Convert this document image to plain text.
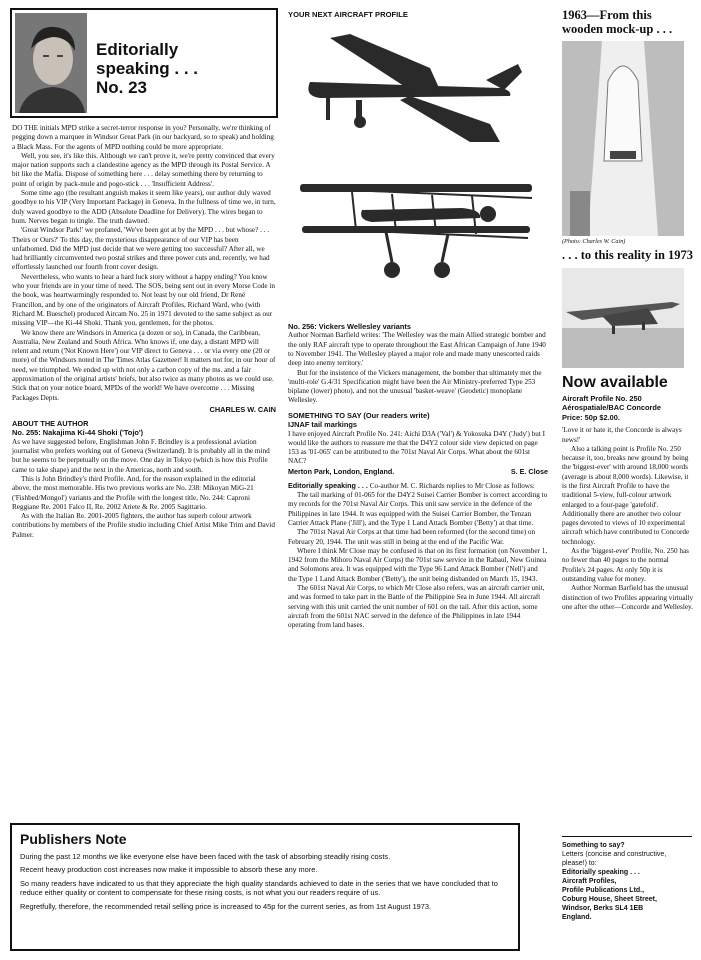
Editorially
speaking . . .
No. 23

DO THE initials MPD strike a secret-terror response in you? Personally, we're thinking of pegging down a marquee in Windsor Great Park (in our backyard, so to speak) and holding a Black Mass. For the agents of MPD nothing could be more appropriate.

Well, you see, it's like this. Although we can't prove it, we're pretty convinced that every major nation supports such a clandestine agency as the MPD through its Postal Service. A bit like the Mafia. Dispose of something here . . . delay something there by returning to point of origin by pack-mule and pogo-stick . . . 'Insufficient Address'.

Some time ago (the resultant anguish makes it seem like years), our author duly waved goodbye to his VIP (Very Important Package) in Geneva. In the fullness of time we, in turn, duly waved goodbye to the ADD (Absolute Deadline for Delivery). The wires began to hum. Nerves began to tingle. The truth dawned.

'Great Windsor Park!' we profaned, 'We've been got at by the MPD . . . but whose? . . . Theirs or Ours?' To this day, the mysterious disappearance of our VIP has been unfathomed. Did the MPD just decide that we were getting too successful? After all, we had brilliantly circumvented two postal strikes and three power cuts and, recently, we had effortlessly launched our fourth front cover design.

Nevertheless, who wants to hear a hard luck story without a happy ending? You know who your friends are in your time of need. The SOS, being sent out in every Morse Code in the book, was heartwarmingly responded to. Not least by our old friend, Dr René Francillon, and by one of the originators of Aircraft Profiles, Richard Ward, who (with Richard M. Bueschel) produced Aircam No. 25 in 1971 devoted to the same subject as our missing VIP—the Ki-44 Shoki. Thank you, gentlemen, for the photos.

We know there are Windsors in America (a dozen or so), in Canada, the Caribbean, Australia, New Zealand and South Africa. Who knows if, one day, a distant MPD will relent and return ('Not Known Here') our VIP direct to Geneva . . . or via every one (20 or more) of the Windsors noted in The Times Atlas Gazetteer! It matters not for, in our hour of need, we triumphed. We ended up with not only a carbon copy of the ms. and a fair approximation of the original artists' briefs, but also twice as many photos as we could use. Stick that on your notice board, MPDs of the world! We have overcome . . . Missing Packages Depts.

CHARLES W. CAIN
ABOUT THE AUTHOR
No. 255: Nakajima Ki-44 Shoki ('Tojo')

As we have suggested before, Englishman John F. Brindley is a professional aviation journalist who prefers working out of Geneva (Switzerland). It is probably all in the mind but he seems to be perpetually on the move. One day in Tokyo (which is how this Profile came to take shape) and the next in the Americas, north and south.

This is John Brindley's third Profile. And, for the reason explained in the editorial above, the most memorable. His two previous works are No. 238: Mikoyan MiG-21 ('Fishbed/Mongol') variants and the Profile with the longest title, No. 244: Caproni Reggiane Re. 2001 Falco II, Re. 2002 Ariete & Re. 2005 Sagittario.

As with the Italian Re. 2001-2005 fighters, the author has superb colour artwork contributions by members of the Profile studio including Chief Artist Mike Trim and David Palmer.

YOUR NEXT AIRCRAFT PROFILE
No. 256: Vickers Wellesley variants

Author Norman Barfield writes: 'The Wellesley was the main Allied strategic bomber and the only RAF aircraft type to operate throughout the East African Campaign of June 1940 to November 1941. The Wellesley played a major role and made many unescorted raids deep into enemy territory.'

But for the insistence of the Vickers management, the bomber that ultimately met the 'multi-role' G.4/31 Specification might have been the Air Ministry-preferred Type 253 biplane (lower) photo), and not the unusual 'basket-weave' (Geodetic) monoplane Wellesley.

SOMETHING TO SAY (Our readers write)
IJNAF tail markings

I have enjoyed Aircraft Profile No. 241: Aichi D3A ('Val') & Yokosuka D4Y ('Judy') but I would like the authors to reassure me that the D4Y2 colour side view depicted on page 153 as '01-065' can be attributed to the 701st Naval Air Corps. What about the 601st NAC?

Merton Park, London, England.	S. E. Close

Editorially speaking . . . Co-author M. C. Richards replies to Mr Close as follows:

The tail marking of 01-065 for the D4Y2 Suisei Carrier Bomber is correct according to my records for the 701st Naval Air Corps. This unit saw service in the defence of the Philippines in late 1944. It was equipped with the Suisei Carrier Bomber, the Tenzan Carrier Attack Plane ('Jill'), and the Type 1 Land Attack Bomber ('Betty') at that time.

The 701st Naval Air Corps at that time had been reformed (for the second time) on February 20, 1944. The unit was still in being at the end of the Pacific War.

Where I think Mr Close may be confused is that on its first formation (on November 1, 1942 from the Mihoro Naval Air Corps) the 701st saw service in the Rabaul, New Guinea and Solomons area. It was equipped with the Type 96 Land Attack Bomber ('Nell') and the Type 1 Land Attack Bomber ('Betty'), the unit being disbanded on March 15, 1943.

The 601st Naval Air Corps, to which Mr Close also refers, was an aircraft carrier unit, and was formed to take part in the Battle of the Philippine Sea in June 1944. All aircraft serving with this unit carried the unit number of 601 on the tail. After this action, some aircraft from the 601st NAC served in the defence of the Philippines in late 1944 operating from land bases.

1963—From this wooden mock-up . . .
(Photo: Charles W. Cain)
. . . to this reality in 1973
Now available
Aircraft Profile No. 250
Aérospatiale/BAC Concorde
Price: 50p $2.00.

'Love it or hate it, the Concorde is always news!'

Also a talking point is Profile No. 250 because it, too, breaks new ground by being the 'biggest-ever' with around 18,000 words (average is about 8,000 words). Likewise, it is the first Aircraft Profile to have the traditional 5-view, full-colour artwork enlarged to a four-page 'gatefold'. Additionally there are another two colour pages devoted to views of 10 experimental aircraft which have contributed to Concorde technology.

As the 'biggest-ever' Profile, No. 250 has no fewer than 40 pages to the normal Profile's 24 pages. At only 50p it is outstanding value for money.

Author Norman Barfield has the unusual distinction of two Profiles appearing virtually one after the other—Concorde and Wellesley.

Publishers Note
During the past 12 months we like everyone else have been faced with the task of absorbing steadily rising costs.
Recent heavy production cost increases now make it impossible to absorb these any more.
So many readers have indicated to us that they appreciate the high quality standards achieved to date in the series that we have concluded that to reduce either quality or content to compensate for these rising costs, is not what you our readers require of us.
Regretfully, therefore, the recommended retail selling price is increased to 45p for the current series, as from 1st August 1973.
Something to say?
Letters (concise and constructive, please!) to:
Editorially speaking . . .
Aircraft Profiles,
Profile Publications Ltd.,
Coburg House, Sheet Street,
Windsor, Berks SL4 1EB
England.
